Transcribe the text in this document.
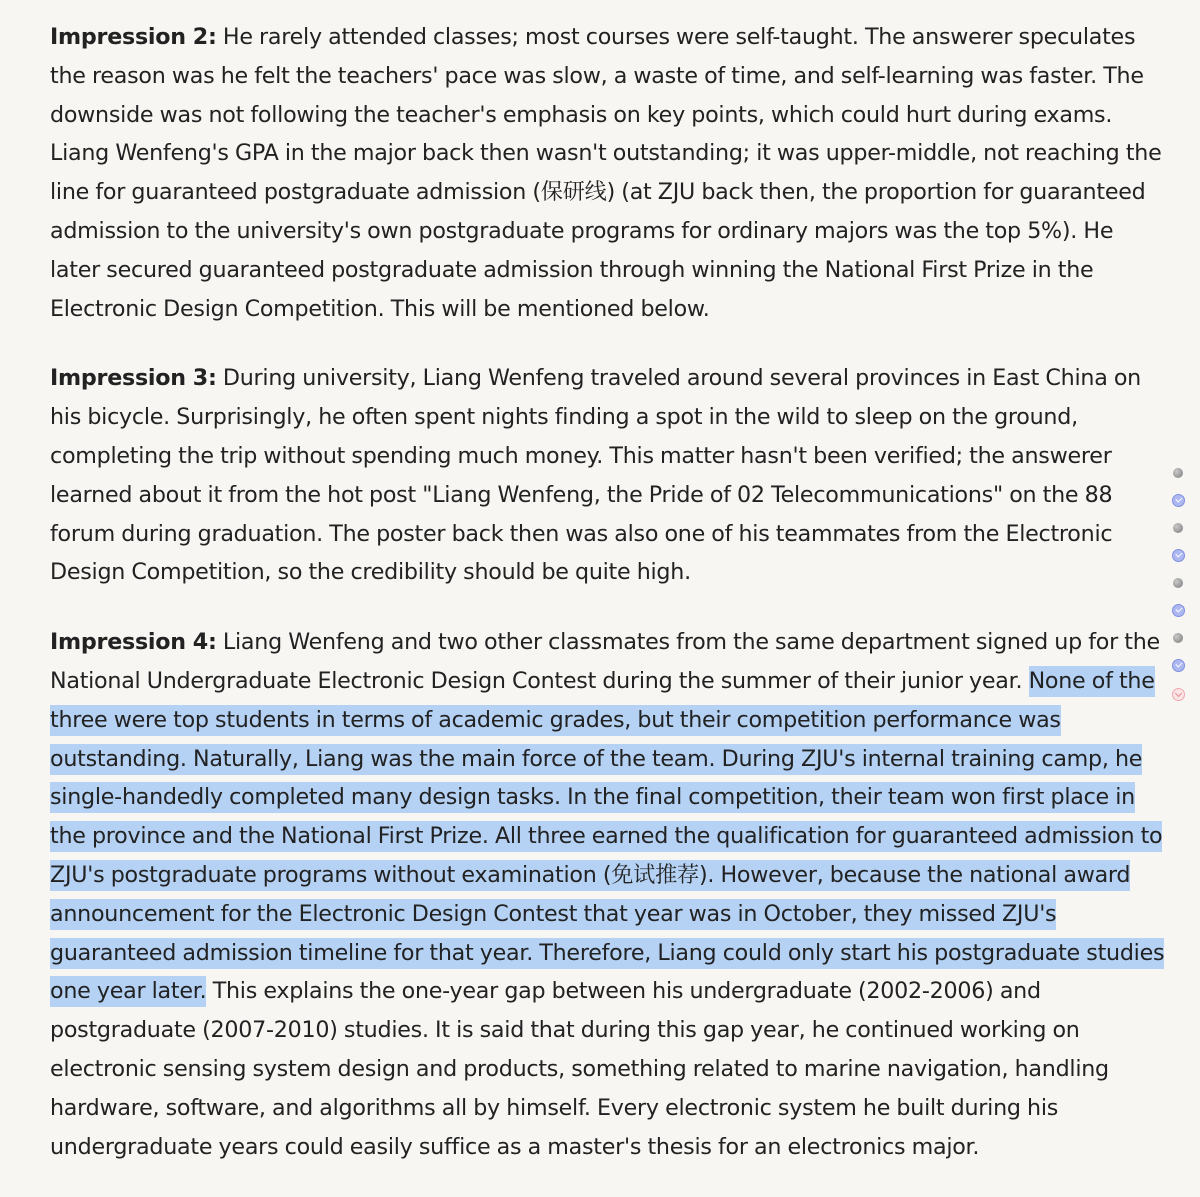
Impression 2: He rarely attended classes; most courses were self-taught. The answerer speculates the reason was he felt the teachers' pace was slow, a waste of time, and self-learning was faster. The downside was not following the teacher's emphasis on key points, which could hurt during exams. Liang Wenfeng's GPA in the major back then wasn't outstanding; it was upper-middle, not reaching the line for guaranteed postgraduate admission (保研线) (at ZJU back then, the proportion for guaranteed admission to the university's own postgraduate programs for ordinary majors was the top 5%). He later secured guaranteed postgraduate admission through winning the National First Prize in the Electronic Design Competition. This will be mentioned below.

Impression 3: During university, Liang Wenfeng traveled around several provinces in East China on his bicycle. Surprisingly, he often spent nights finding a spot in the wild to sleep on the ground, completing the trip without spending much money. This matter hasn't been verified; the answerer learned about it from the hot post "Liang Wenfeng, the Pride of 02 Telecommunications" on the 88 forum during graduation. The poster back then was also one of his teammates from the Electronic Design Competition, so the credibility should be quite high.

Impression 4: Liang Wenfeng and two other classmates from the same department signed up for the National Undergraduate Electronic Design Contest during the summer of their junior year. None of the three were top students in terms of academic grades, but their competition performance was outstanding. Naturally, Liang was the main force of the team. During ZJU's internal training camp, he single-handedly completed many design tasks. In the final competition, their team won first place in the province and the National First Prize. All three earned the qualification for guaranteed admission to ZJU's postgraduate programs without examination (免试推荐). However, because the national award announcement for the Electronic Design Contest that year was in October, they missed ZJU's guaranteed admission timeline for that year. Therefore, Liang could only start his postgraduate studies one year later. This explains the one-year gap between his undergraduate (2002-2006) and postgraduate (2007-2010) studies. It is said that during this gap year, he continued working on electronic sensing system design and products, something related to marine navigation, handling hardware, software, and algorithms all by himself. Every electronic system he built during his undergraduate years could easily suffice as a master's thesis for an electronics major.
